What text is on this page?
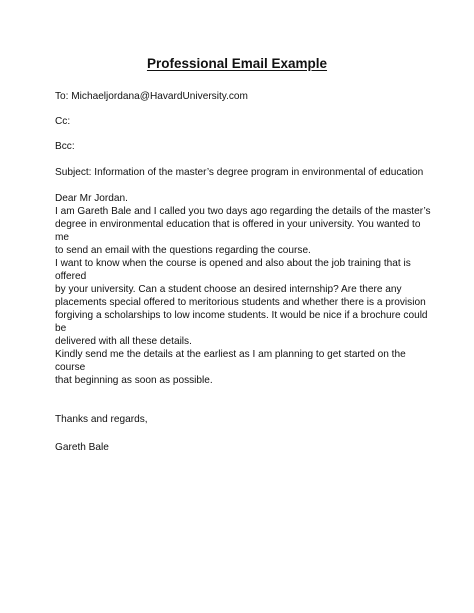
Professional Email Example

To: Michaeljordana@HavardUniversity.com

Cc:

Bcc:

Subject: Information of the master’s degree program in environmental of education

Dear Mr Jordan.

I am Gareth Bale and I called you two days ago regarding the details of the master’s

degree in environmental education that is offered in your university. You wanted to me

to send an email with the questions regarding the course.

I want to know when the course is opened and also about the job training that is offered

by your university. Can a student choose an desired internship? Are there any

placements special offered to meritorious students and whether there is a provision

forgiving a scholarships to low income students. It would be nice if a brochure could be

delivered with all these details.

Kindly send me the details at the earliest as I am planning to get started on the course

that beginning as soon as possible.

Thanks and regards,

Gareth Bale
